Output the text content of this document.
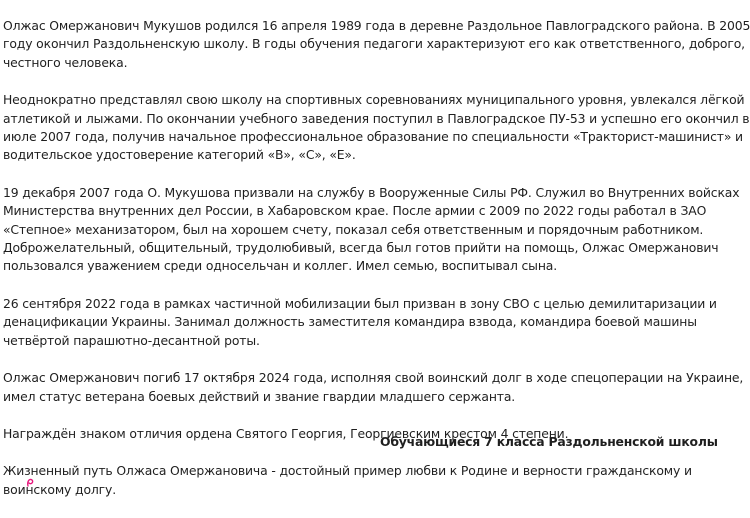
Олжас Омержанович Мукушов родился 16 апреля 1989 года в деревне Раздольное Павлоградского района. В 2005
году окончил Раздольненскую школу. В годы обучения педагоги характеризуют его как ответственного, доброго,
честного человека.

Неоднократно представлял свою школу на спортивных соревнованиях муниципального уровня, увлекался лёгкой
атлетикой и лыжами. По окончании учебного заведения поступил в Павлоградское ПУ-53 и успешно его окончил в
июле 2007 года, получив начальное профессиональное образование по специальности «Тракторист-машинист» и
водительское удостоверение категорий «В», «С», «Е».

19 декабря 2007 года О. Мукушова призвали на службу в Вооруженные Силы РФ. Служил во Внутренних войсках
Министерства внутренних дел России, в Хабаровском крае. После армии с 2009 по 2022 годы работал в ЗАО
«Степное» механизатором, был на хорошем счету, показал себя ответственным и порядочным работником.
Доброжелательный, общительный, трудолюбивый, всегда был готов прийти на помощь, Олжас Омержанович
пользовался уважением среди односельчан и коллег. Имел семью, воспитывал сына.

26 сентября 2022 года в рамках частичной мобилизации был призван в зону СВО с целью демилитаризации и
денацификации Украины. Занимал должность заместителя командира взвода, командира боевой машины
четвёртой парашютно-десантной роты.

Олжас Омержанович погиб 17 октября 2024 года, исполняя свой воинский долг в ходе спецоперации на Украине,
имел статус ветерана боевых действий и звание гвардии младшего сержанта.

Награждён знаком отличия ордена Святого Георгия, Георгиевским крестом 4 степени.

Жизненный путь Олжаса Омержановича - достойный пример любви к Родине и верности гражданскому и
воинскому долгу.

Обучающиеся 7 класса Раздольненской школы
